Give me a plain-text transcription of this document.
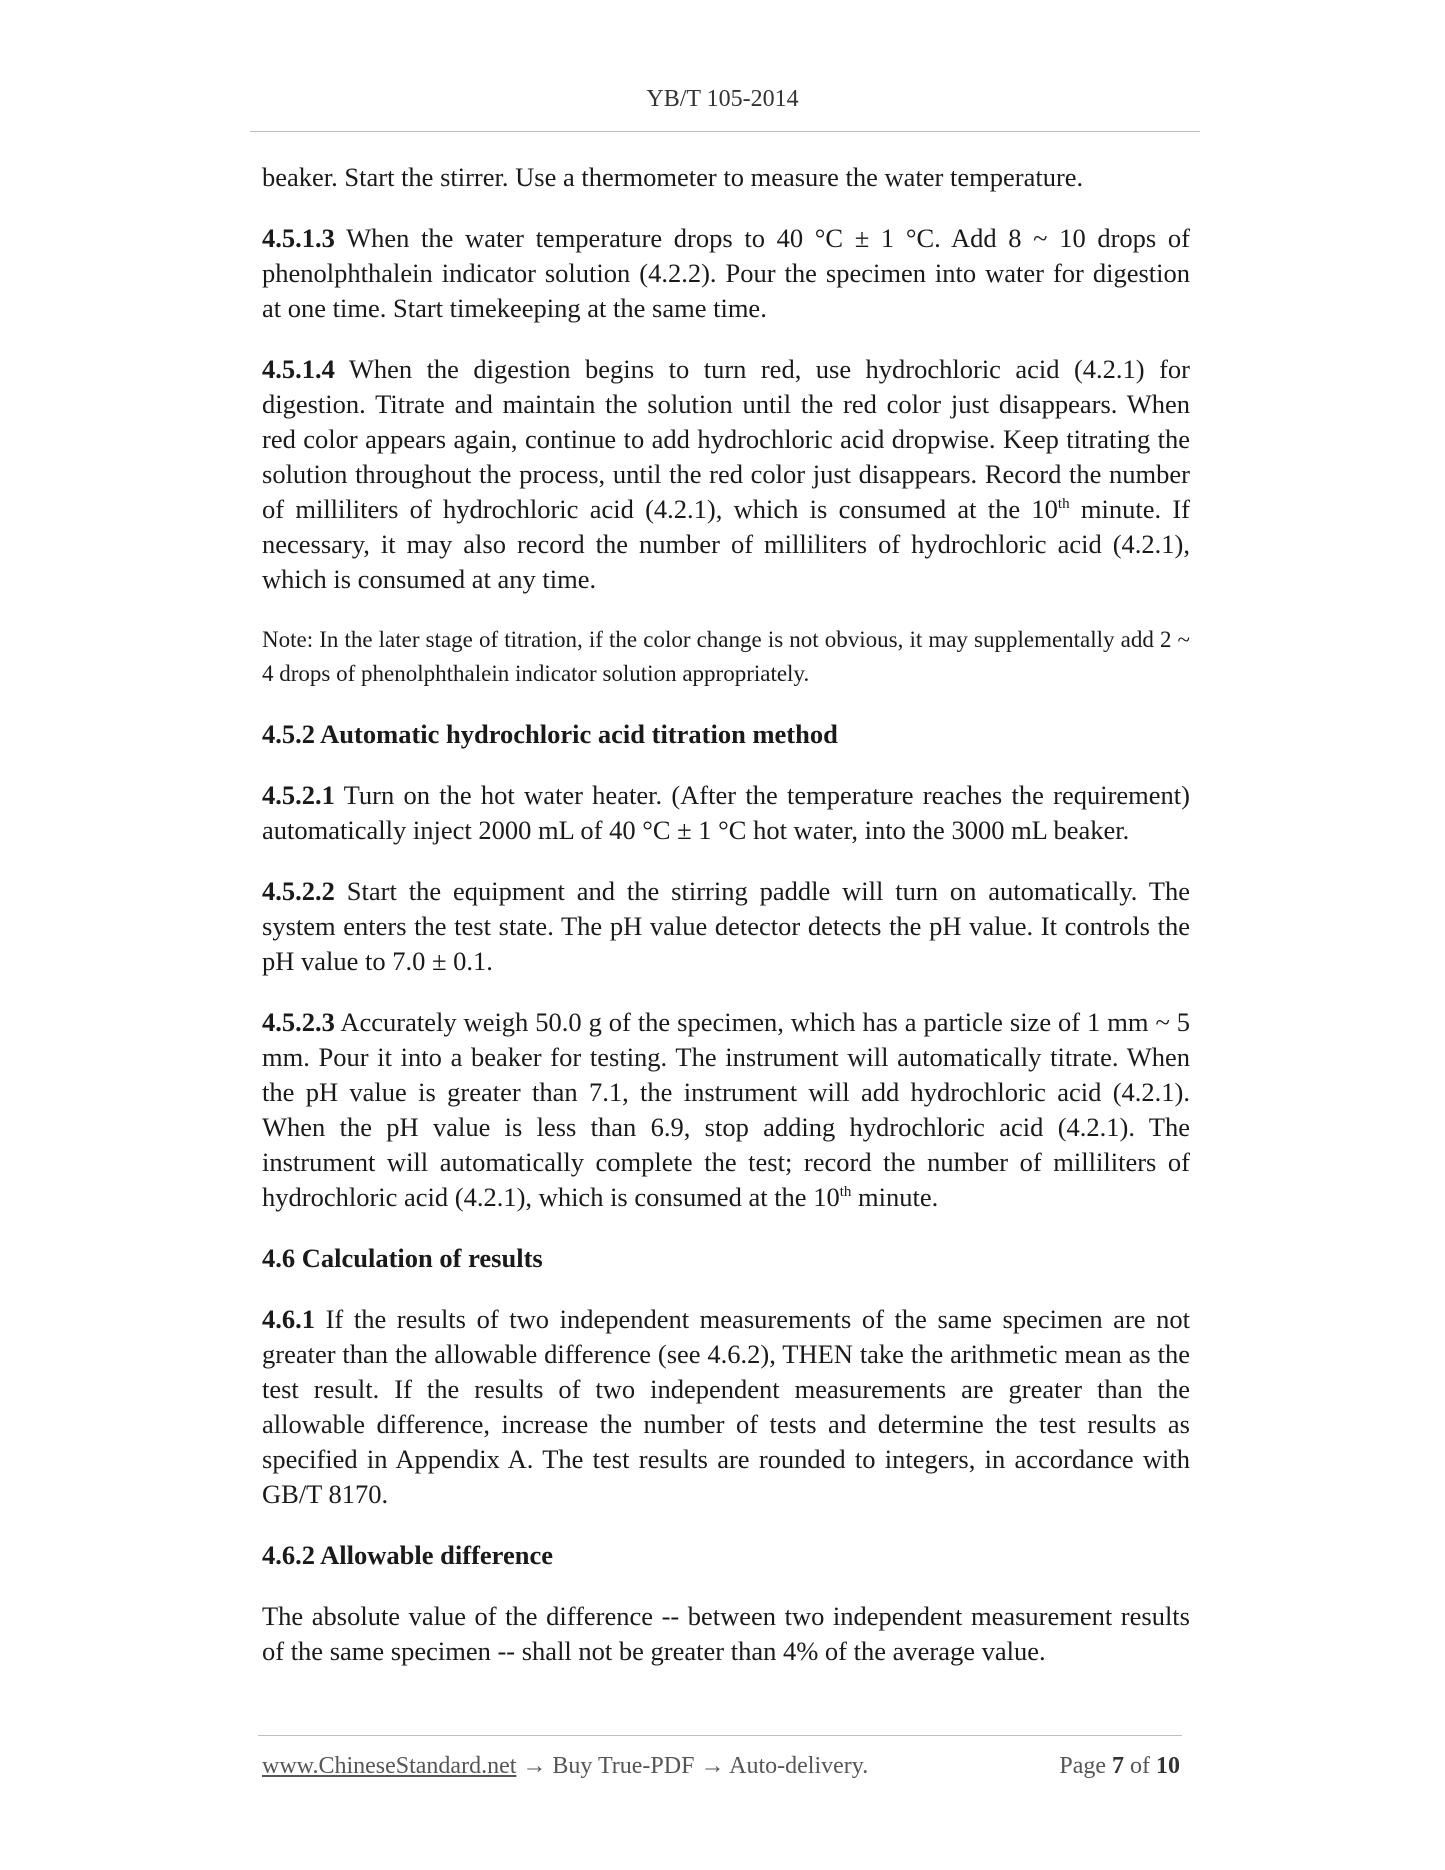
YB/T 105-2014

beaker. Start the stirrer. Use a thermometer to measure the water temperature.

4.5.1.3 When the water temperature drops to 40 °C ± 1 °C. Add 8 ~ 10 drops of phenolphthalein indicator solution (4.2.2). Pour the specimen into water for digestion at one time. Start timekeeping at the same time.

4.5.1.4 When the digestion begins to turn red, use hydrochloric acid (4.2.1) for digestion. Titrate and maintain the solution until the red color just disappears. When red color appears again, continue to add hydrochloric acid dropwise. Keep titrating the solution throughout the process, until the red color just disappears. Record the number of milliliters of hydrochloric acid (4.2.1), which is consumed at the 10th minute. If necessary, it may also record the number of milliliters of hydrochloric acid (4.2.1), which is consumed at any time.

Note: In the later stage of titration, if the color change is not obvious, it may supplementally add 2 ~ 4 drops of phenolphthalein indicator solution appropriately.

4.5.2 Automatic hydrochloric acid titration method

4.5.2.1 Turn on the hot water heater. (After the temperature reaches the requirement) automatically inject 2000 mL of 40 °C ± 1 °C hot water, into the 3000 mL beaker.

4.5.2.2 Start the equipment and the stirring paddle will turn on automatically. The system enters the test state. The pH value detector detects the pH value. It controls the pH value to 7.0 ± 0.1.

4.5.2.3 Accurately weigh 50.0 g of the specimen, which has a particle size of 1 mm ~ 5 mm. Pour it into a beaker for testing. The instrument will automatically titrate. When the pH value is greater than 7.1, the instrument will add hydrochloric acid (4.2.1). When the pH value is less than 6.9, stop adding hydrochloric acid (4.2.1). The instrument will automatically complete the test; record the number of milliliters of hydrochloric acid (4.2.1), which is consumed at the 10th minute.

4.6 Calculation of results

4.6.1 If the results of two independent measurements of the same specimen are not greater than the allowable difference (see 4.6.2), THEN take the arithmetic mean as the test result. If the results of two independent measurements are greater than the allowable difference, increase the number of tests and determine the test results as specified in Appendix A. The test results are rounded to integers, in accordance with GB/T 8170.

4.6.2 Allowable difference

The absolute value of the difference -- between two independent measurement results of the same specimen -- shall not be greater than 4% of the average value.

www.ChineseStandard.net → Buy True-PDF → Auto-delivery.	Page 7 of 10
